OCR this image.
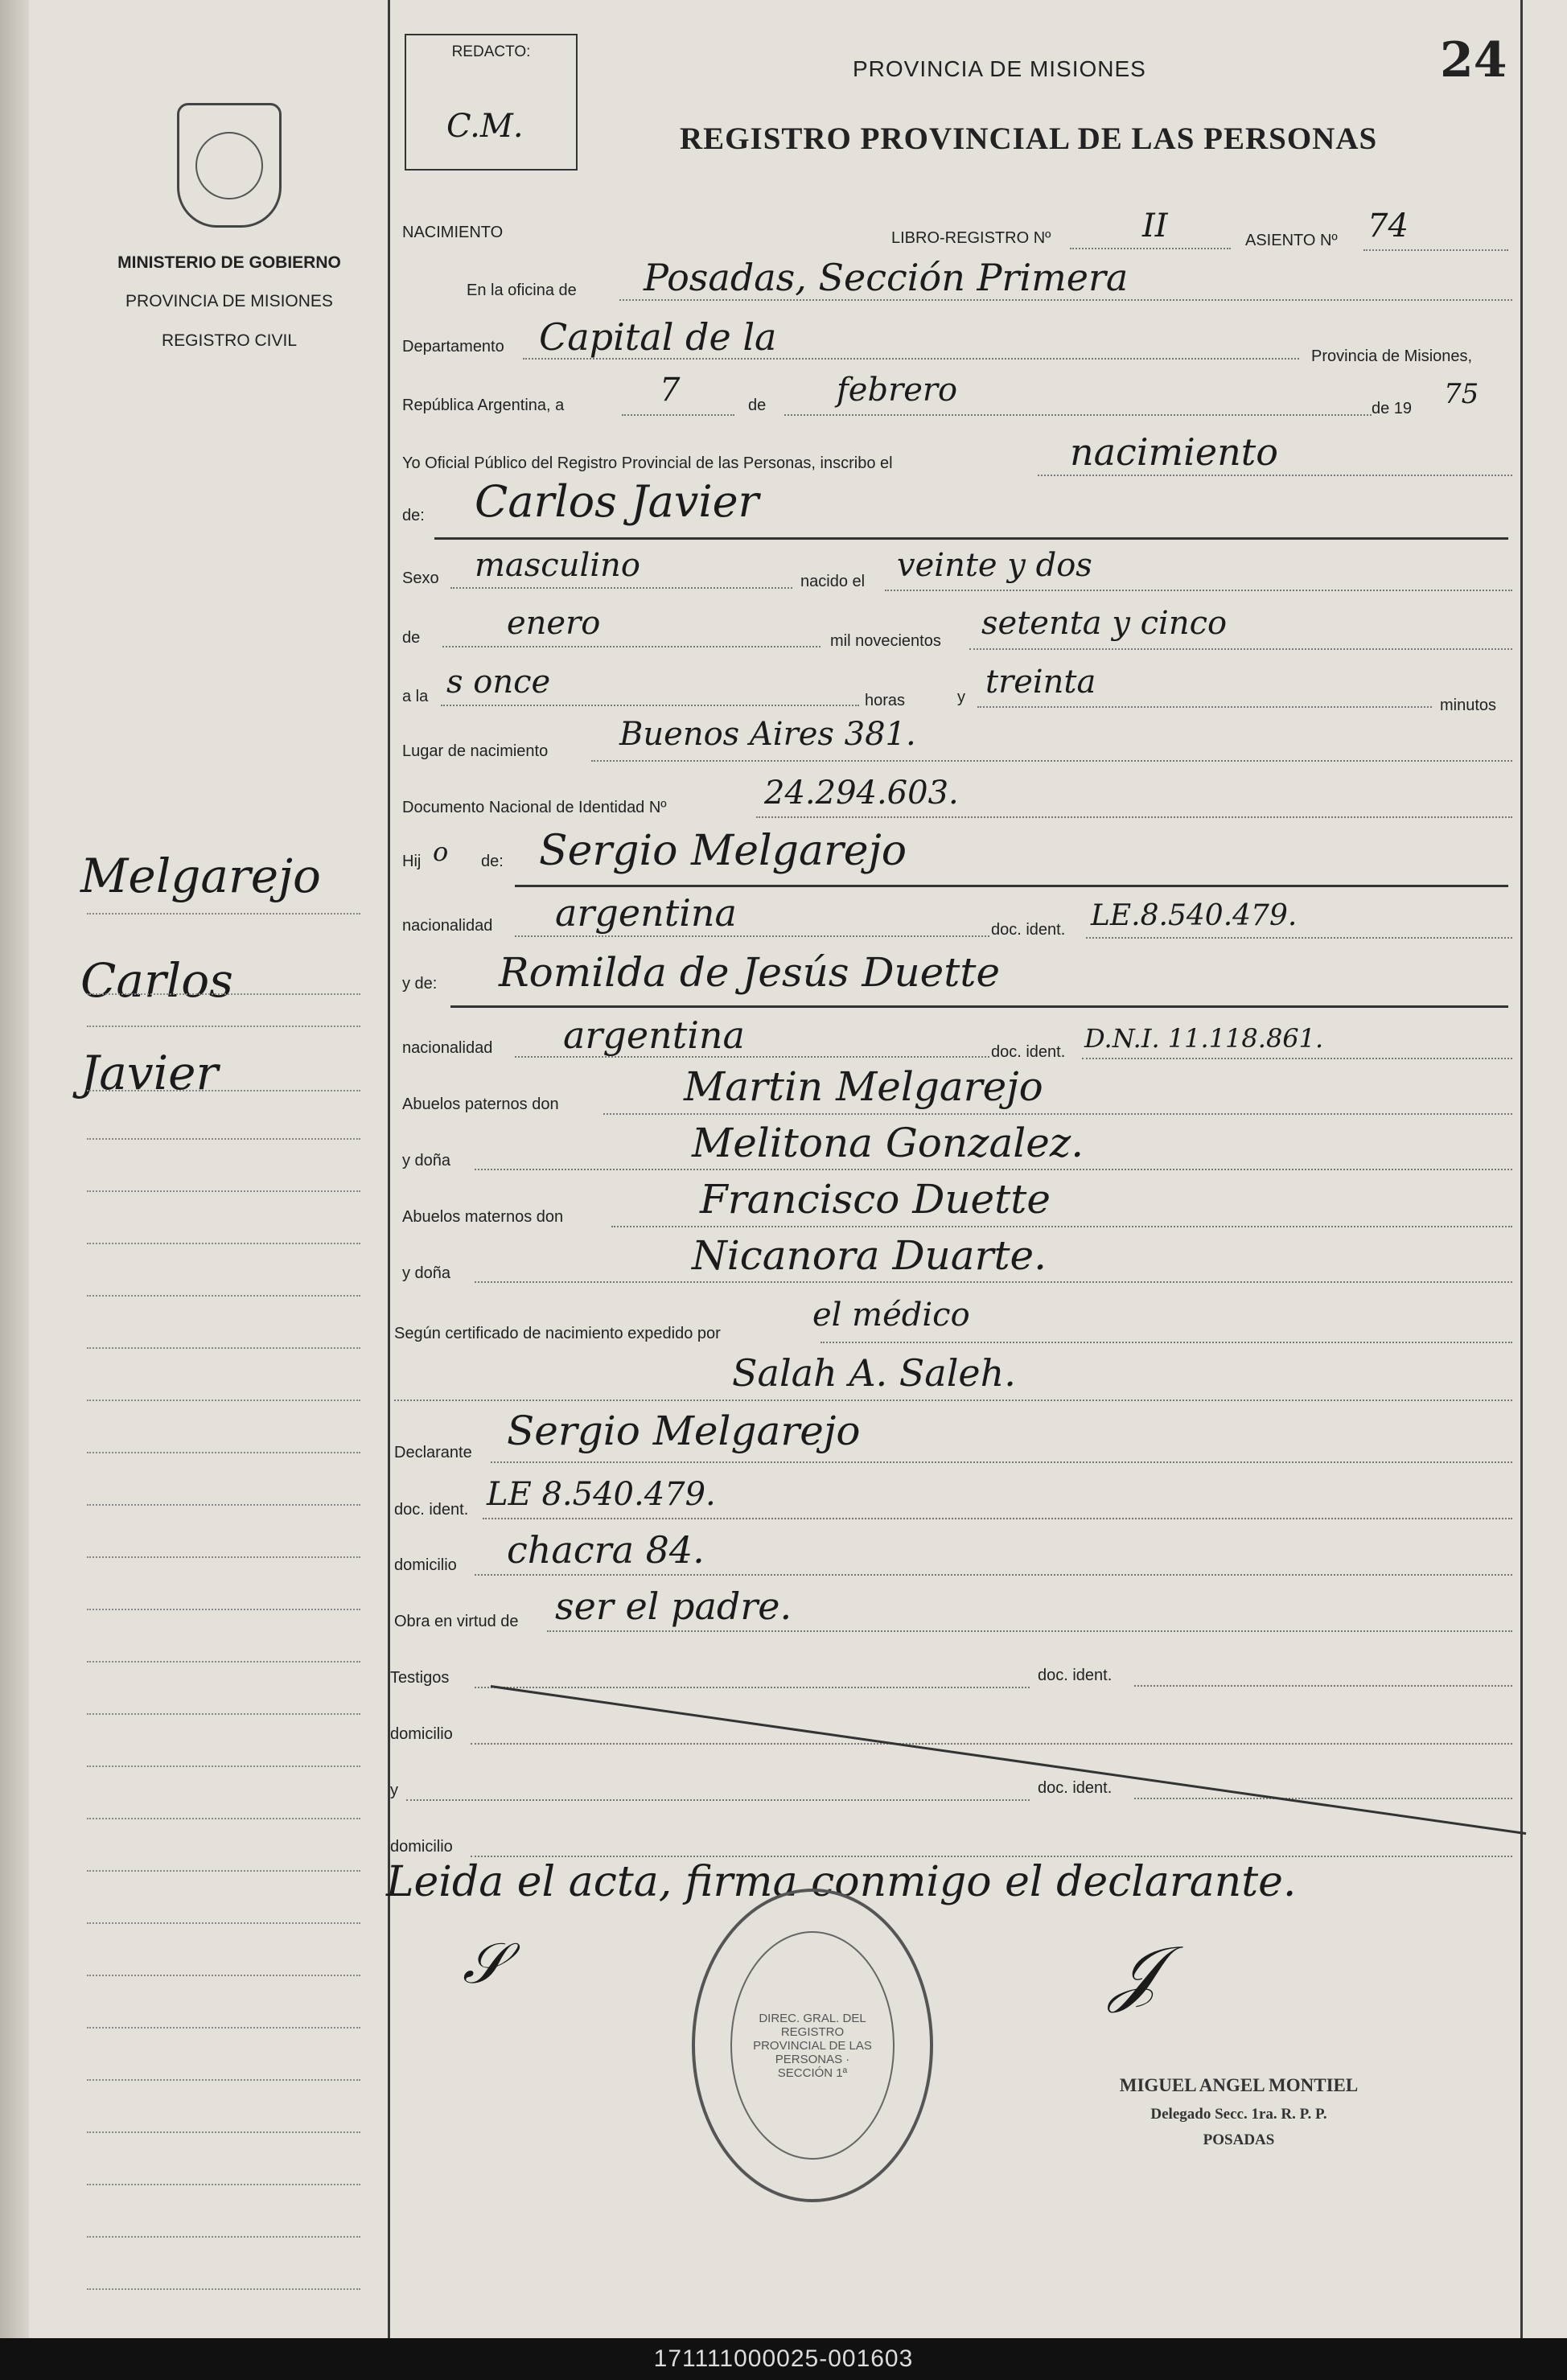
MINISTERIO DE GOBIERNO
PROVINCIA DE MISIONES
REGISTRO CIVIL
Melgarejo
Carlos
Javier
REDACTO:
C.M.
24
PROVINCIA DE MISIONES
REGISTRO PROVINCIAL DE LAS PERSONAS
NACIMIENTO	LIBRO-REGISTRO Nº	II	ASIENTO Nº 74
En la oficina de Posadas, Sección Primera
Departamento Capital de la	Provincia de Misiones,
República Argentina, a	7	de febrero	de 19 75
Yo Oficial Público del Registro Provincial de las Personas, inscribo el	nacimiento
de: Carlos Javier
Sexo masculino	nacido el veinte y dos
de	enero	mil novecientos setenta y cinco
a la s once	horas	y treinta
minutos
Lugar de nacimiento Buenos Aires 381.
Documento Nacional de Identidad Nº	24.294.603.
Hij o de: Sergio Melgarejo
nacionalidad argentina	doc. ident. LE.8.540.479.
y de: Romilda de Jesús Duette
nacionalidad argentina	doc. ident. D.N.I. 11.118.861.
Abuelos paternos don	Martin Melgarejo
y doña	Melitona Gonzalez.
Abuelos maternos don	Francisco Duette
y doña	Nicanora Duarte.
Según certificado de nacimiento expedido por	el médico
Salah A. Saleh.
Declarante Sergio Melgarejo
doc. ident. LE 8.540.479.
domicilio chacra 84.
Obra en virtud de ser el padre.
Testigos	doc. ident.
domicilio
y	doc. ident.
domicilio
Leida el acta, firma conmigo el declarante.
𝒮
DIREC. GRAL. DEL REGISTRO PROVINCIAL DE LAS PERSONAS · SECCIÓN 1ª
𝒥
MIGUEL ANGEL MONTIEL
Delegado Secc. 1ra. R. P. P.
POSADAS
171111000025-001603
